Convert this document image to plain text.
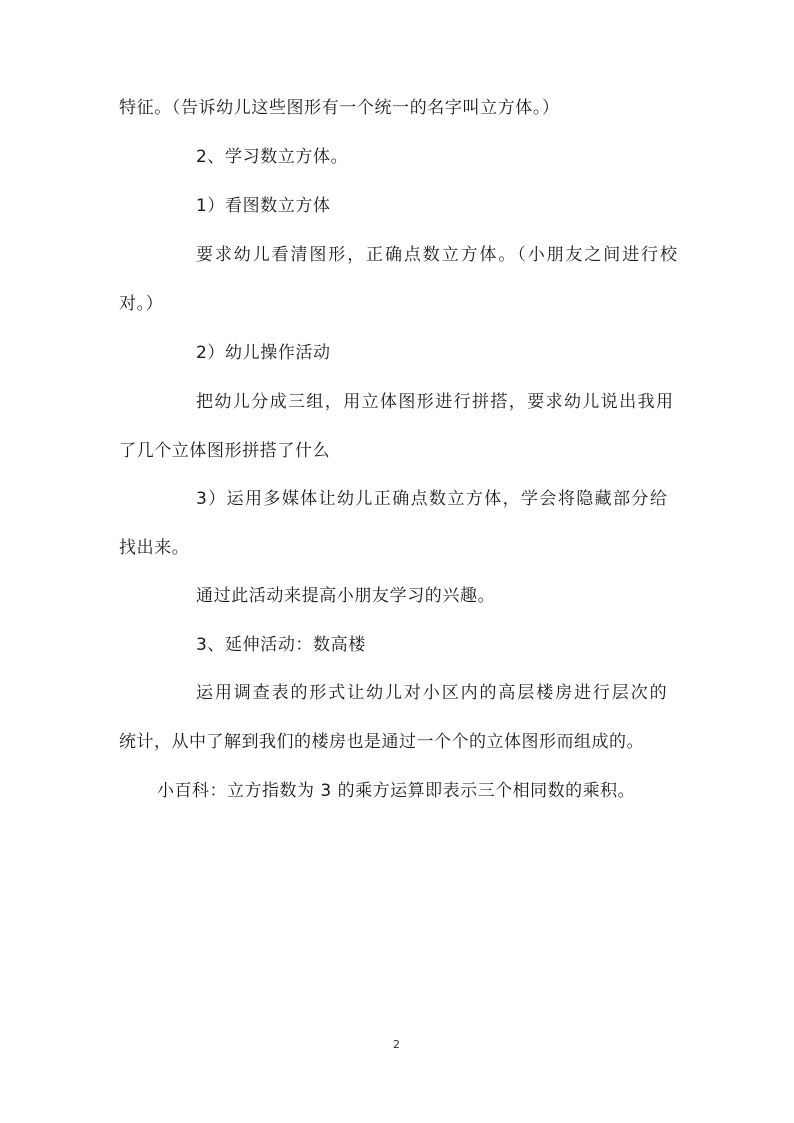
特征。（告诉幼儿这些图形有一个统一的名字叫立方体。）
2、学习数立方体。
1）看图数立方体
要求幼儿看清图形，正确点数立方体。（小朋友之间进行校
对。）
2）幼儿操作活动
把幼儿分成三组，用立体图形进行拼搭，要求幼儿说出我用
了几个立体图形拼搭了什么
3）运用多媒体让幼儿正确点数立方体，学会将隐藏部分给
找出来。
通过此活动来提高小朋友学习的兴趣。
3、延伸活动：数高楼
运用调查表的形式让幼儿对小区内的高层楼房进行层次的
统计，从中了解到我们的楼房也是通过一个个的立体图形而组成的。
小百科：立方指数为 3 的乘方运算即表示三个相同数的乘积。
2
